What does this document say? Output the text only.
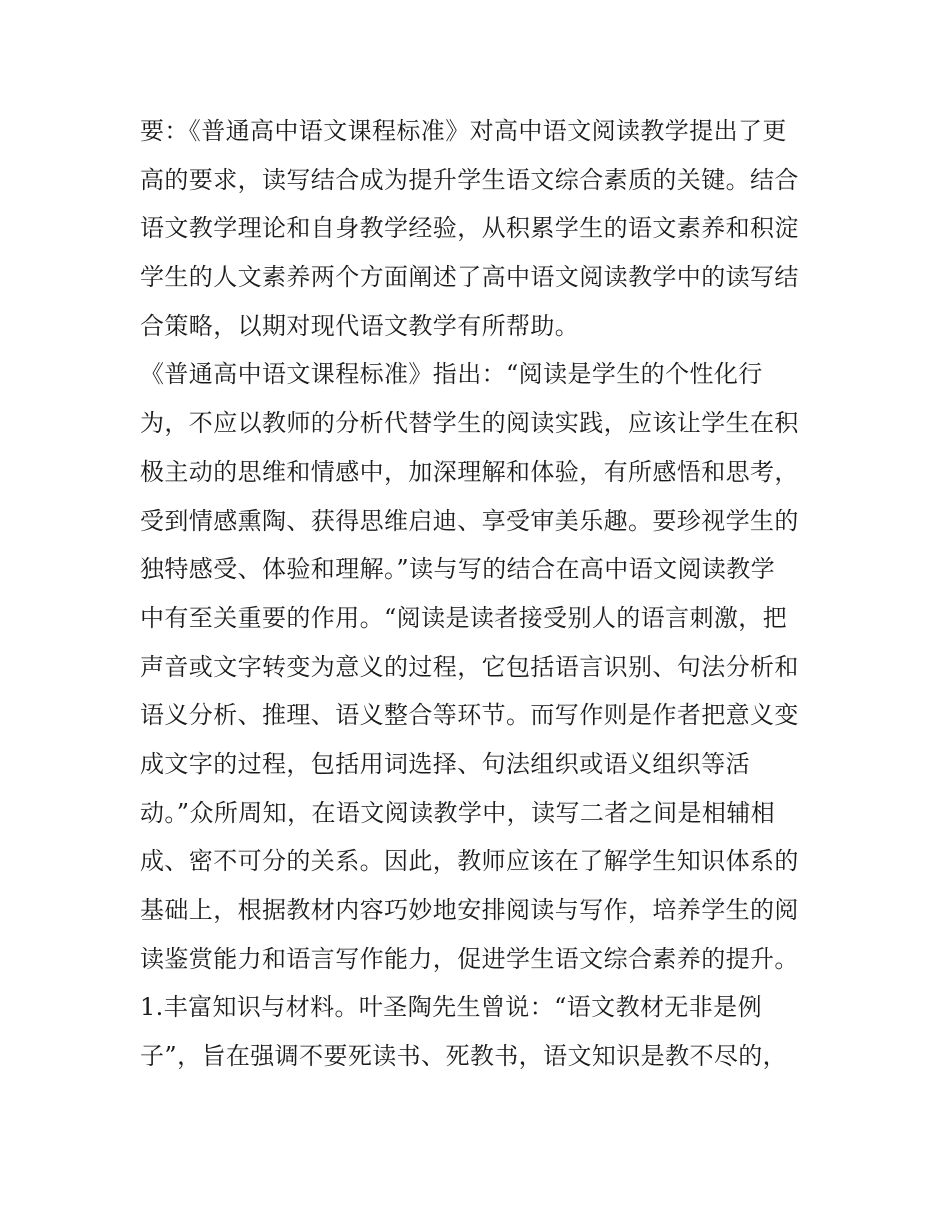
要：《普通高中语文课程标准》对高中语文阅读教学提出了更
高的要求，读写结合成为提升学生语文综合素质的关键。结合
语文教学理论和自身教学经验，从积累学生的语文素养和积淀
学生的人文素养两个方面阐述了高中语文阅读教学中的读写结
合策略，以期对现代语文教学有所帮助。
《普通高中语文课程标准》指出：“阅读是学生的个性化行
为，不应以教师的分析代替学生的阅读实践，应该让学生在积
极主动的思维和情感中，加深理解和体验，有所感悟和思考，
受到情感熏陶、获得思维启迪、享受审美乐趣。要珍视学生的
独特感受、体验和理解。”读与写的结合在高中语文阅读教学
中有至关重要的作用。“阅读是读者接受别人的语言刺激，把
声音或文字转变为意义的过程，它包括语言识别、句法分析和
语义分析、推理、语义整合等环节。而写作则是作者把意义变
成文字的过程，包括用词选择、句法组织或语义组织等活
动。”众所周知，在语文阅读教学中，读写二者之间是相辅相
成、密不可分的关系。因此，教师应该在了解学生知识体系的
基础上，根据教材内容巧妙地安排阅读与写作，培养学生的阅
读鉴赏能力和语言写作能力，促进学生语文综合素养的提升。
1.丰富知识与材料。叶圣陶先生曾说：“语文教材无非是例
子”，旨在强调不要死读书、死教书，语文知识是教不尽的，
